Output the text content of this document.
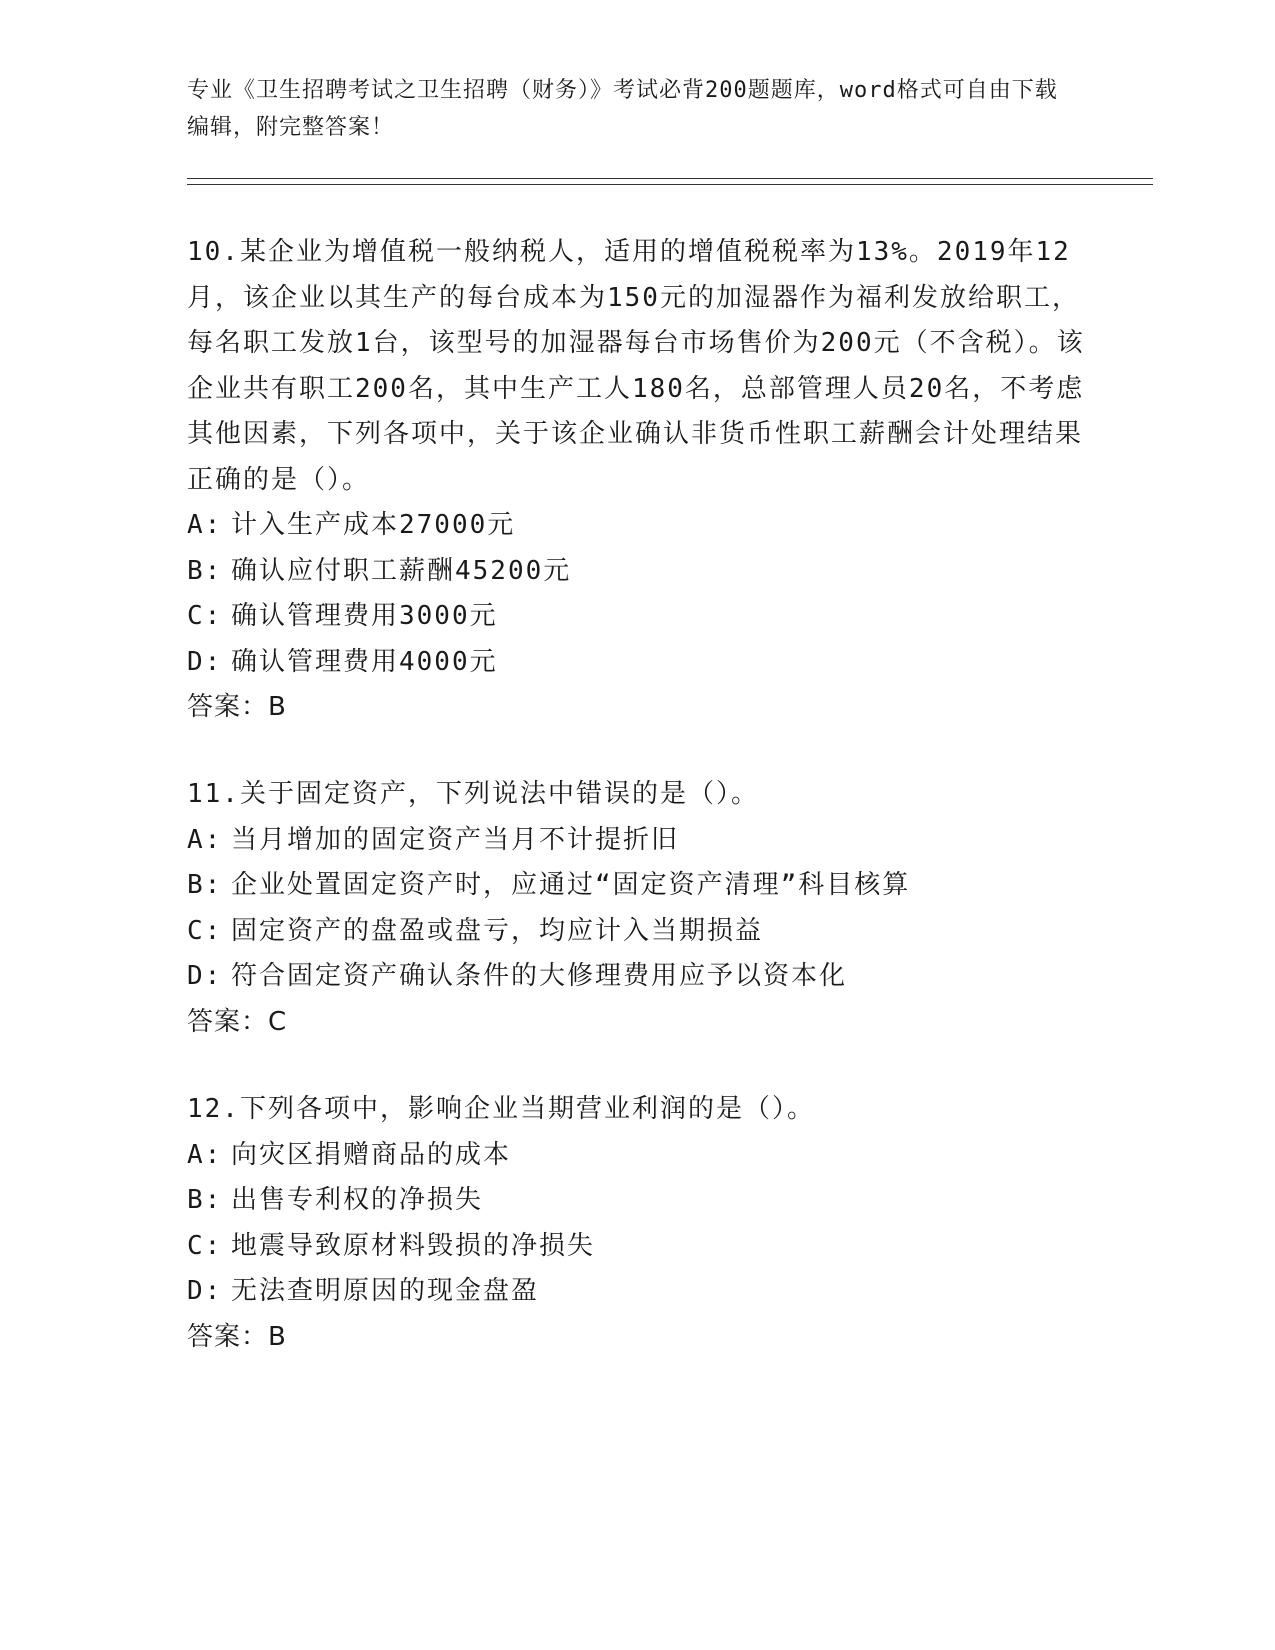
专业《卫生招聘考试之卫生招聘（财务）》考试必背200题题库，word格式可自由下载编辑，附完整答案！

10.某企业为增值税一般纳税人，适用的增值税税率为13%。2019年12月，该企业以其生产的每台成本为150元的加湿器作为福利发放给职工，每名职工发放1台，该型号的加湿器每台市场售价为200元（不含税）。该企业共有职工200名，其中生产工人180名，总部管理人员20名，不考虑其他因素，下列各项中，关于该企业确认非货币性职工薪酬会计处理结果正确的是（）。

A: 计入生产成本27000元

B: 确认应付职工薪酬45200元

C: 确认管理费用3000元

D: 确认管理费用4000元

答案：B

11.关于固定资产，下列说法中错误的是（）。

A: 当月增加的固定资产当月不计提折旧

B: 企业处置固定资产时，应通过“固定资产清理”科目核算

C: 固定资产的盘盈或盘亏，均应计入当期损益

D: 符合固定资产确认条件的大修理费用应予以资本化

答案：C

12.下列各项中，影响企业当期营业利润的是（）。

A: 向灾区捐赠商品的成本

B: 出售专利权的净损失

C: 地震导致原材料毁损的净损失

D: 无法查明原因的现金盘盈

答案：B
